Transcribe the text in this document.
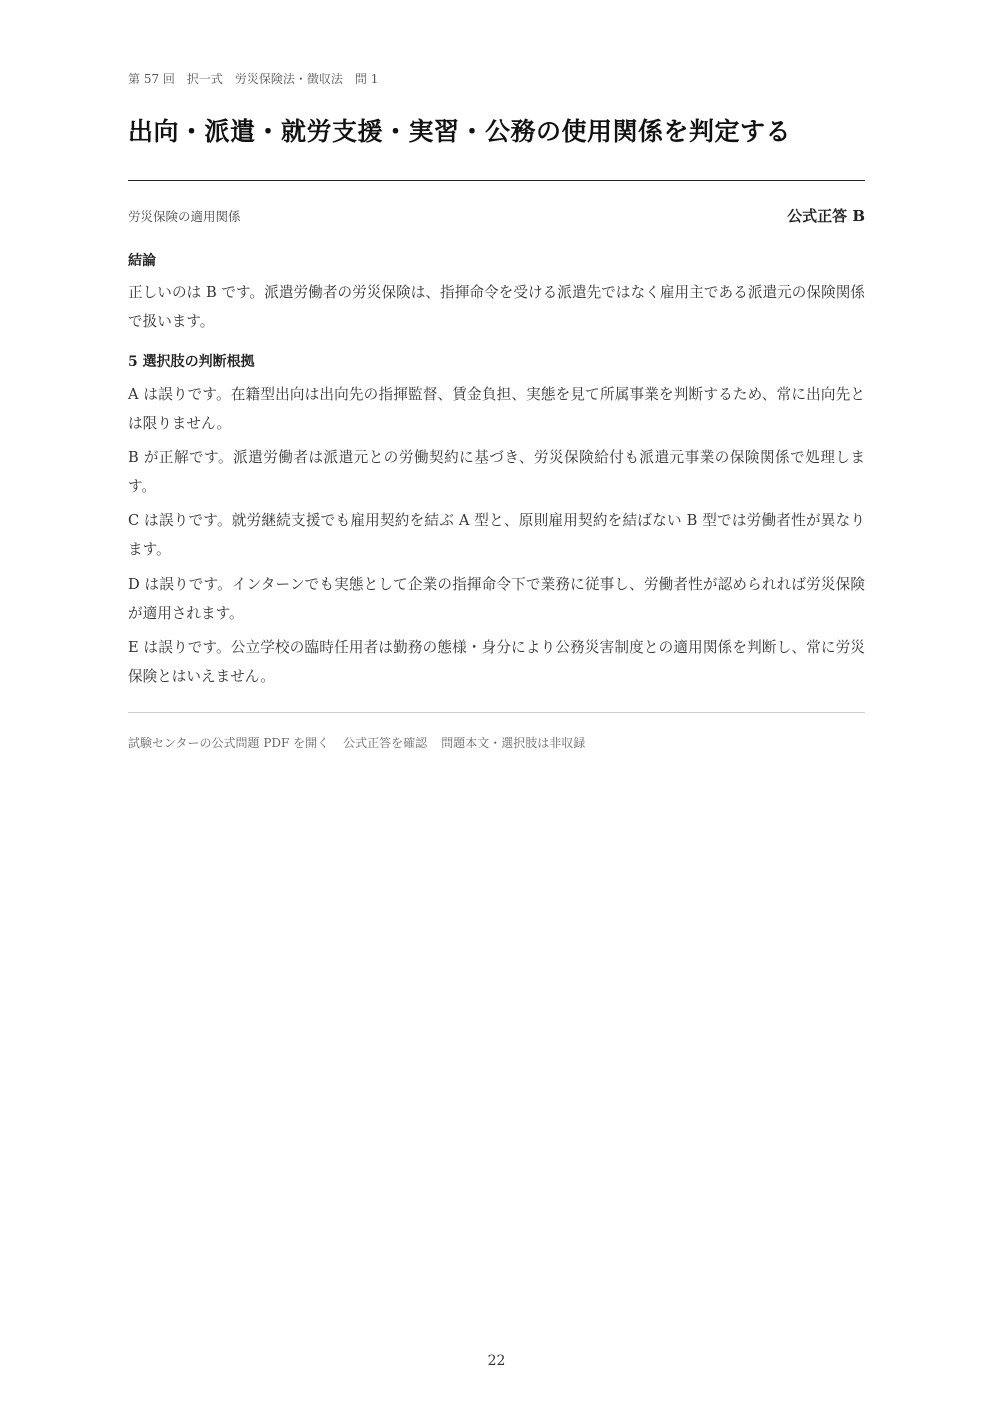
第 57 回　択一式　労災保険法・徴収法　問 1
出向・派遣・就労支援・実習・公務の使用関係を判定する
労災保険の適用関係	公式正答 B
結論

正しいのは B です。派遣労働者の労災保険は、指揮命令を受ける派遣先ではなく雇用主である派遣元の保険関係で扱います。

5 選択肢の判断根拠

A は誤りです。在籍型出向は出向先の指揮監督、賃金負担、実態を見て所属事業を判断するため、常に出向先とは限りません。

B が正解です。派遣労働者は派遣元との労働契約に基づき、労災保険給付も派遣元事業の保険関係で処理します。

C は誤りです。就労継続支援でも雇用契約を結ぶ A 型と、原則雇用契約を結ばない B 型では労働者性が異なります。

D は誤りです。インターンでも実態として企業の指揮命令下で業務に従事し、労働者性が認められれば労災保険が適用されます。

E は誤りです。公立学校の臨時任用者は勤務の態様・身分により公務災害制度との適用関係を判断し、常に労災保険とはいえません。

試験センターの公式問題 PDF を開く 公式正答を確認 問題本文・選択肢は非収録
22
